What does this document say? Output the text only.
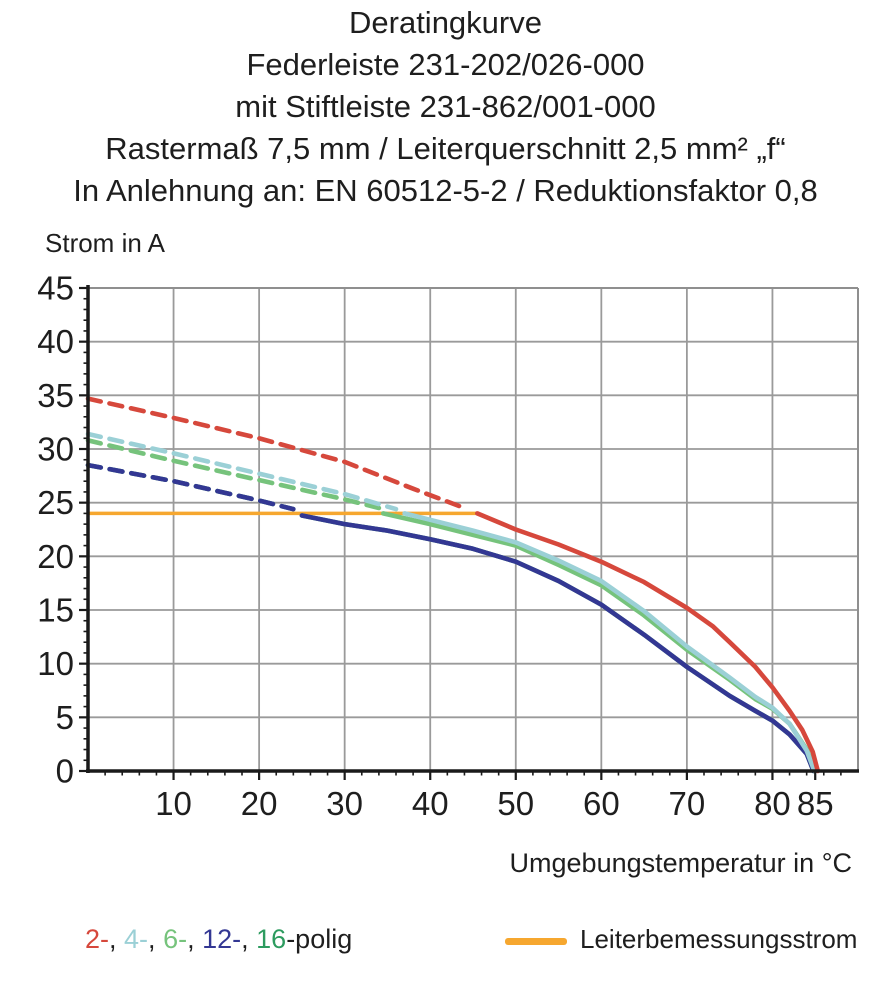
Deratingkurve
Federleiste 231-202/026-000
mit Stiftleiste 231-862/001-000
Rastermaß 7,5 mm / Leiterquerschnitt 2,5 mm² „f“
In Anlehnung an: EN 60512-5-2 / Reduktionsfaktor 0,8
45
40
35
30
25
20
15
10
5
0
10 20 30 40 50 60 70 80 85
Strom in A
Umgebungstemperatur in °C
2-, 4-, 6-, 12-, 16-polig	Leiterbemessungsstrom
